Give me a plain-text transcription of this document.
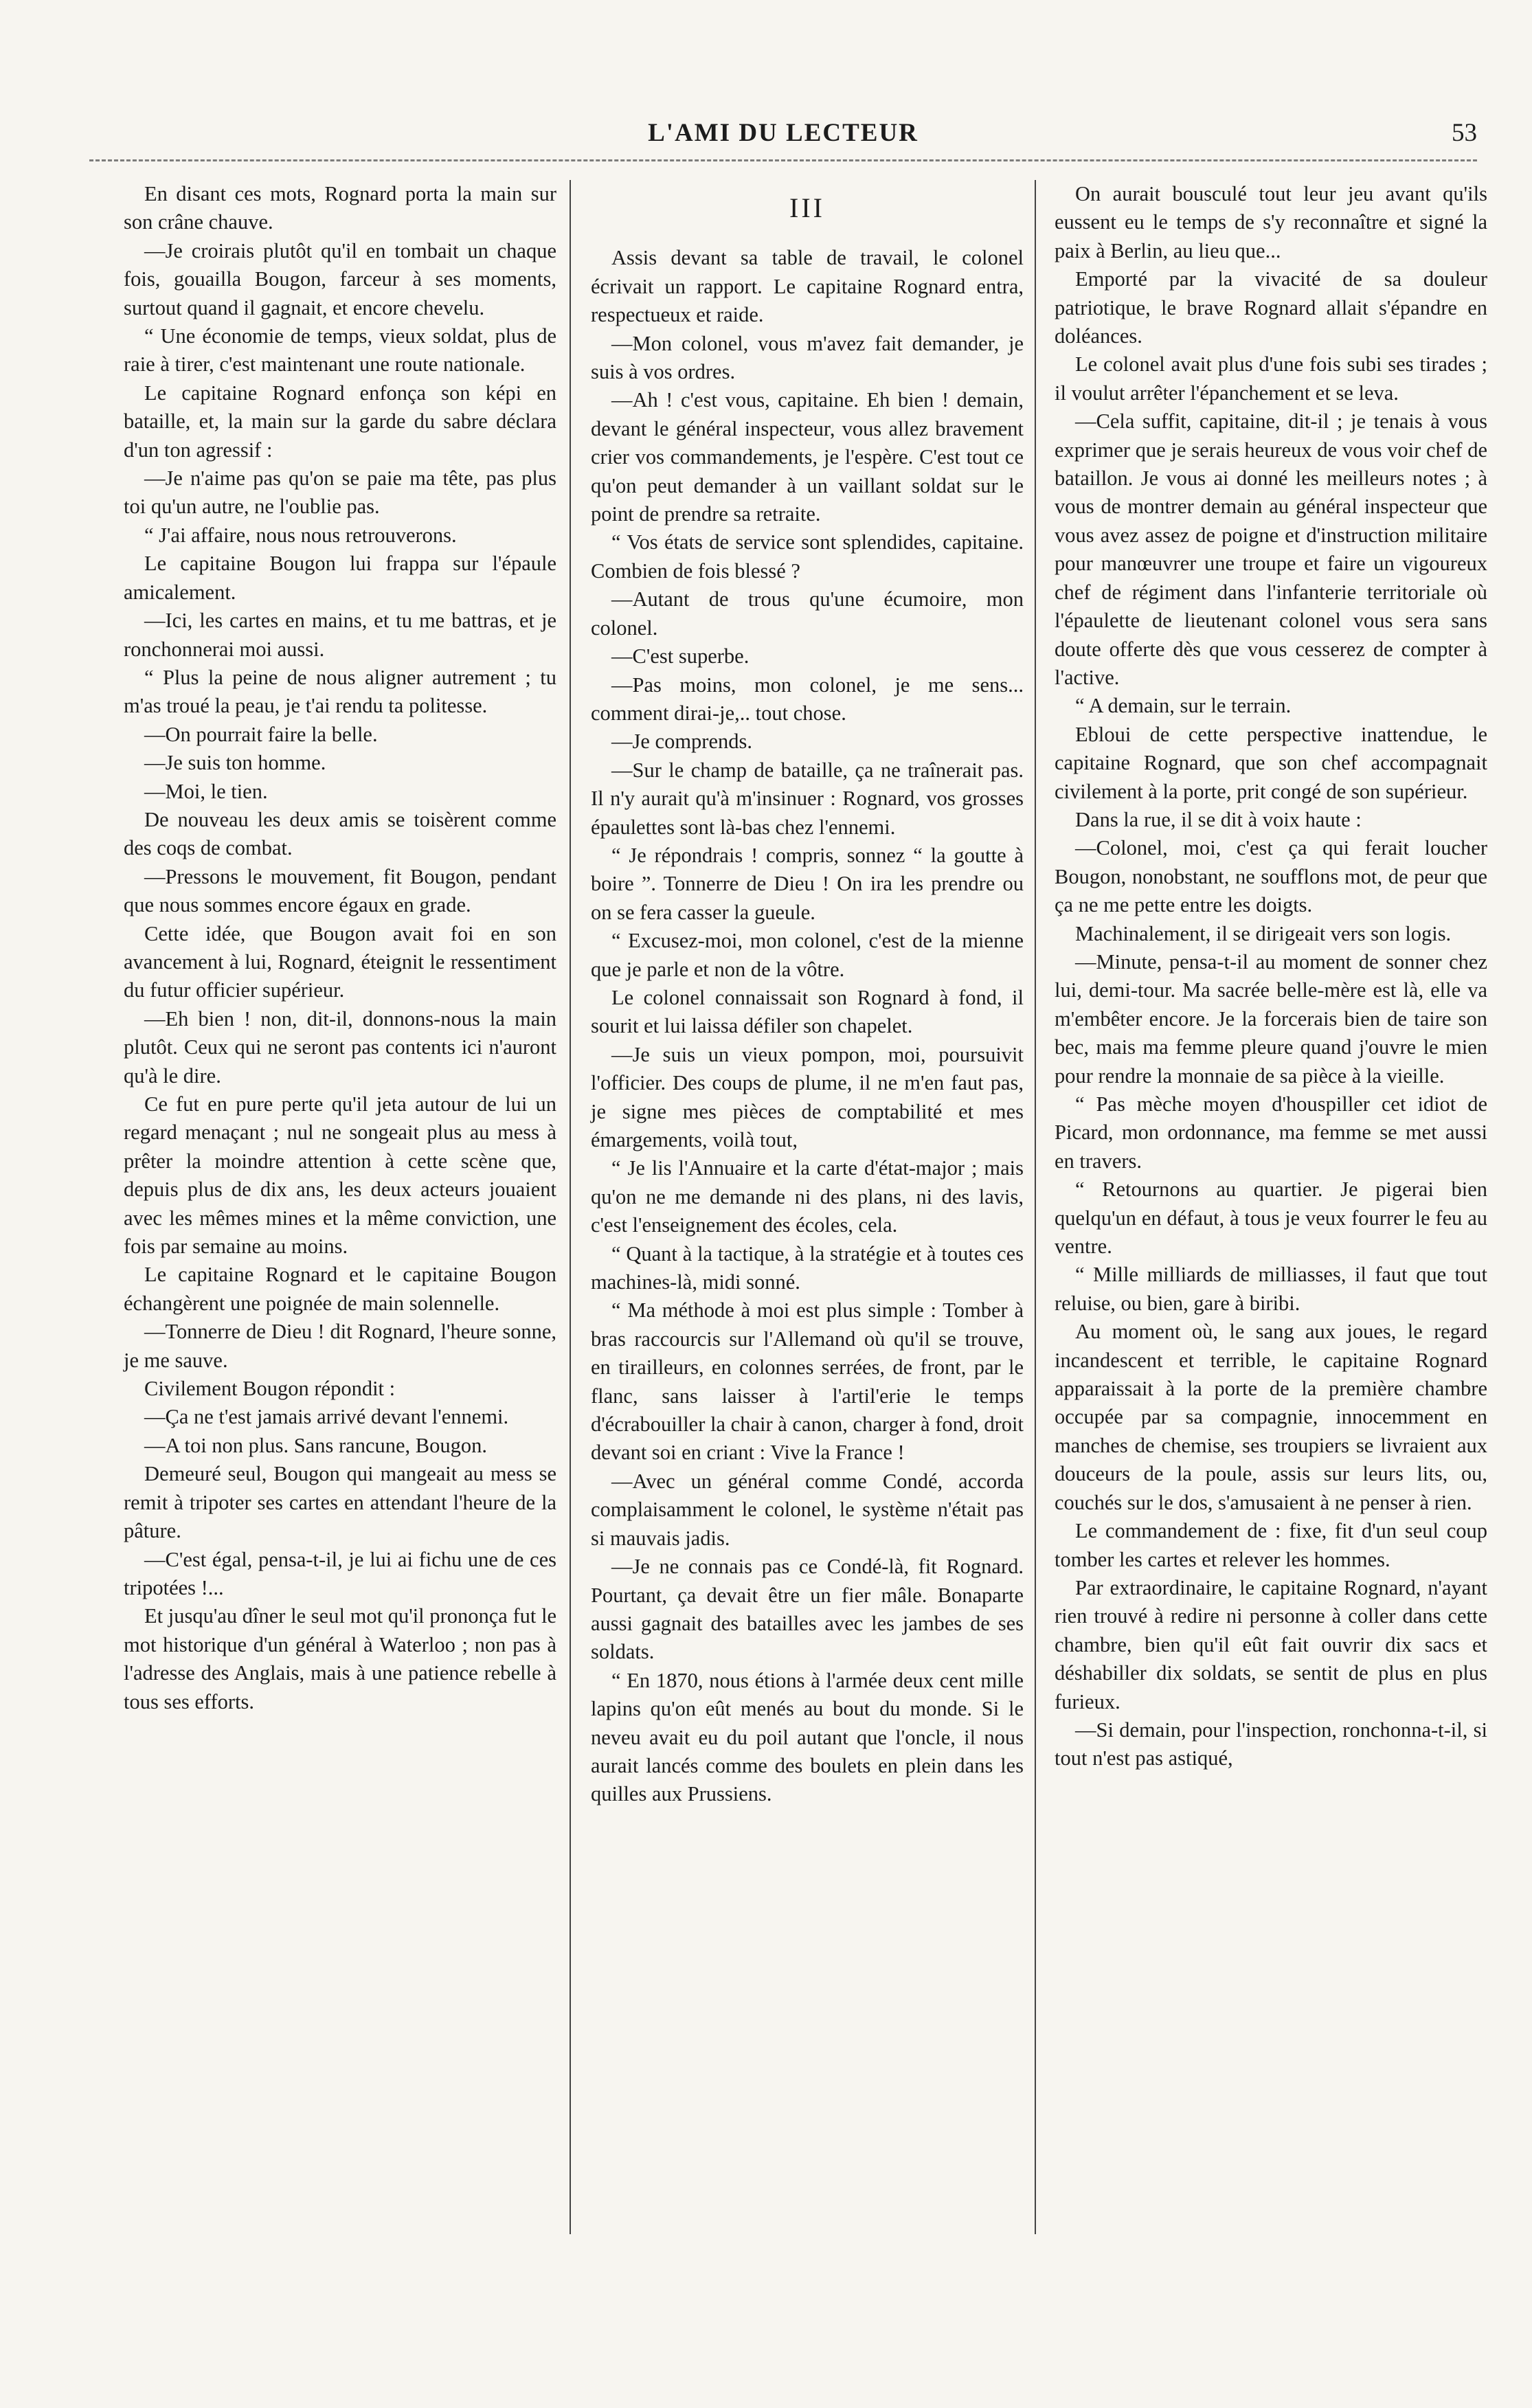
L'AMI DU LECTEUR	53

En disant ces mots, Rognard porta la main sur son crâne chauve.

—Je croirais plutôt qu'il en tombait un chaque fois, gouailla Bougon, farceur à ses moments, surtout quand il gagnait, et encore chevelu.

“ Une économie de temps, vieux soldat, plus de raie à tirer, c'est maintenant une route nationale.

Le capitaine Rognard enfonça son képi en bataille, et, la main sur la garde du sabre déclara d'un ton agressif :

—Je n'aime pas qu'on se paie ma tête, pas plus toi qu'un autre, ne l'oublie pas.

“ J'ai affaire, nous nous retrouverons.

Le capitaine Bougon lui frappa sur l'épaule amicalement.

—Ici, les cartes en mains, et tu me battras, et je ronchonnerai moi aussi.

“ Plus la peine de nous aligner autrement ; tu m'as troué la peau, je t'ai rendu ta politesse.

—On pourrait faire la belle.

—Je suis ton homme.

—Moi, le tien.

De nouveau les deux amis se toisèrent comme des coqs de combat.

—Pressons le mouvement, fit Bougon, pendant que nous sommes encore égaux en grade.

Cette idée, que Bougon avait foi en son avancement à lui, Rognard, éteignit le ressentiment du futur officier supérieur.

—Eh bien ! non, dit-il, donnons-nous la main plutôt. Ceux qui ne seront pas contents ici n'auront qu'à le dire.

Ce fut en pure perte qu'il jeta autour de lui un regard menaçant ; nul ne songeait plus au mess à prêter la moindre attention à cette scène que, depuis plus de dix ans, les deux acteurs jouaient avec les mêmes mines et la même conviction, une fois par semaine au moins.

Le capitaine Rognard et le capitaine Bougon échangèrent une poignée de main solennelle.

—Tonnerre de Dieu ! dit Rognard, l'heure sonne, je me sauve.

Civilement Bougon répondit :

—Ça ne t'est jamais arrivé devant l'ennemi.

—A toi non plus. Sans rancune, Bougon.

Demeuré seul, Bougon qui mangeait au mess se remit à tripoter ses cartes en attendant l'heure de la pâture.

—C'est égal, pensa-t-il, je lui ai fichu une de ces tripotées !...

Et jusqu'au dîner le seul mot qu'il prononça fut le mot historique d'un général à Waterloo ; non pas à l'adresse des Anglais, mais à une patience rebelle à tous ses efforts.

III

Assis devant sa table de travail, le colonel écrivait un rapport. Le capitaine Rognard entra, respectueux et raide.

—Mon colonel, vous m'avez fait demander, je suis à vos ordres.

—Ah ! c'est vous, capitaine. Eh bien ! demain, devant le général inspecteur, vous allez bravement crier vos commandements, je l'espère. C'est tout ce qu'on peut demander à un vaillant soldat sur le point de prendre sa retraite.

“ Vos états de service sont splendides, capitaine. Combien de fois blessé ?

—Autant de trous qu'une écumoire, mon colonel.

—C'est superbe.

—Pas moins, mon colonel, je me sens... comment dirai-je,.. tout chose.

—Je comprends.

—Sur le champ de bataille, ça ne traînerait pas. Il n'y aurait qu'à m'insinuer : Rognard, vos grosses épaulettes sont là-bas chez l'ennemi.

“ Je répondrais ! compris, sonnez “ la goutte à boire ”. Tonnerre de Dieu ! On ira les prendre ou on se fera casser la gueule.

“ Excusez-moi, mon colonel, c'est de la mienne que je parle et non de la vôtre.

Le colonel connaissait son Rognard à fond, il sourit et lui laissa défiler son chapelet.

—Je suis un vieux pompon, moi, poursuivit l'officier. Des coups de plume, il ne m'en faut pas, je signe mes pièces de comptabilité et mes émargements, voilà tout,

“ Je lis l'Annuaire et la carte d'état-major ; mais qu'on ne me demande ni des plans, ni des lavis, c'est l'enseignement des écoles, cela.

“ Quant à la tactique, à la stratégie et à toutes ces machines-là, midi sonné.

“ Ma méthode à moi est plus simple : Tomber à bras raccourcis sur l'Allemand où qu'il se trouve, en tirailleurs, en colonnes serrées, de front, par le flanc, sans laisser à l'artil'erie le temps d'écrabouiller la chair à canon, charger à fond, droit devant soi en criant : Vive la France !

—Avec un général comme Condé, accorda complaisamment le colonel, le système n'était pas si mauvais jadis.

—Je ne connais pas ce Condé-là, fit Rognard. Pourtant, ça devait être un fier mâle. Bonaparte aussi gagnait des batailles avec les jambes de ses soldats.

“ En 1870, nous étions à l'armée deux cent mille lapins qu'on eût menés au bout du monde. Si le neveu avait eu du poil autant que l'oncle, il nous aurait lancés comme des boulets en plein dans les quilles aux Prussiens.

On aurait bousculé tout leur jeu avant qu'ils eussent eu le temps de s'y reconnaître et signé la paix à Berlin, au lieu que...

Emporté par la vivacité de sa douleur patriotique, le brave Rognard allait s'épandre en doléances.

Le colonel avait plus d'une fois subi ses tirades ; il voulut arrêter l'épanchement et se leva.

—Cela suffit, capitaine, dit-il ; je tenais à vous exprimer que je serais heureux de vous voir chef de bataillon. Je vous ai donné les meilleurs notes ; à vous de montrer demain au général inspecteur que vous avez assez de poigne et d'instruction militaire pour manœuvrer une troupe et faire un vigoureux chef de régiment dans l'infanterie territoriale où l'épaulette de lieutenant colonel vous sera sans doute offerte dès que vous cesserez de compter à l'active.

“ A demain, sur le terrain.

Ebloui de cette perspective inattendue, le capitaine Rognard, que son chef accompagnait civilement à la porte, prit congé de son supérieur.

Dans la rue, il se dit à voix haute :

—Colonel, moi, c'est ça qui ferait loucher Bougon, nonobstant, ne soufflons mot, de peur que ça ne me pette entre les doigts.

Machinalement, il se dirigeait vers son logis.

—Minute, pensa-t-il au moment de sonner chez lui, demi-tour. Ma sacrée belle-mère est là, elle va m'embêter encore. Je la forcerais bien de taire son bec, mais ma femme pleure quand j'ouvre le mien pour rendre la monnaie de sa pièce à la vieille.

“ Pas mèche moyen d'houspiller cet idiot de Picard, mon ordonnance, ma femme se met aussi en travers.

“ Retournons au quartier. Je pigerai bien quelqu'un en défaut, à tous je veux fourrer le feu au ventre.

“ Mille milliards de milliasses, il faut que tout reluise, ou bien, gare à biribi.

Au moment où, le sang aux joues, le regard incandescent et terrible, le capitaine Rognard apparaissait à la porte de la première chambre occupée par sa compagnie, innocemment en manches de chemise, ses troupiers se livraient aux douceurs de la poule, assis sur leurs lits, ou, couchés sur le dos, s'amusaient à ne penser à rien.

Le commandement de : fixe, fit d'un seul coup tomber les cartes et relever les hommes.

Par extraordinaire, le capitaine Rognard, n'ayant rien trouvé à redire ni personne à coller dans cette chambre, bien qu'il eût fait ouvrir dix sacs et déshabiller dix soldats, se sentit de plus en plus furieux.

—Si demain, pour l'inspection, ronchonna-t-il, si tout n'est pas astiqué,
